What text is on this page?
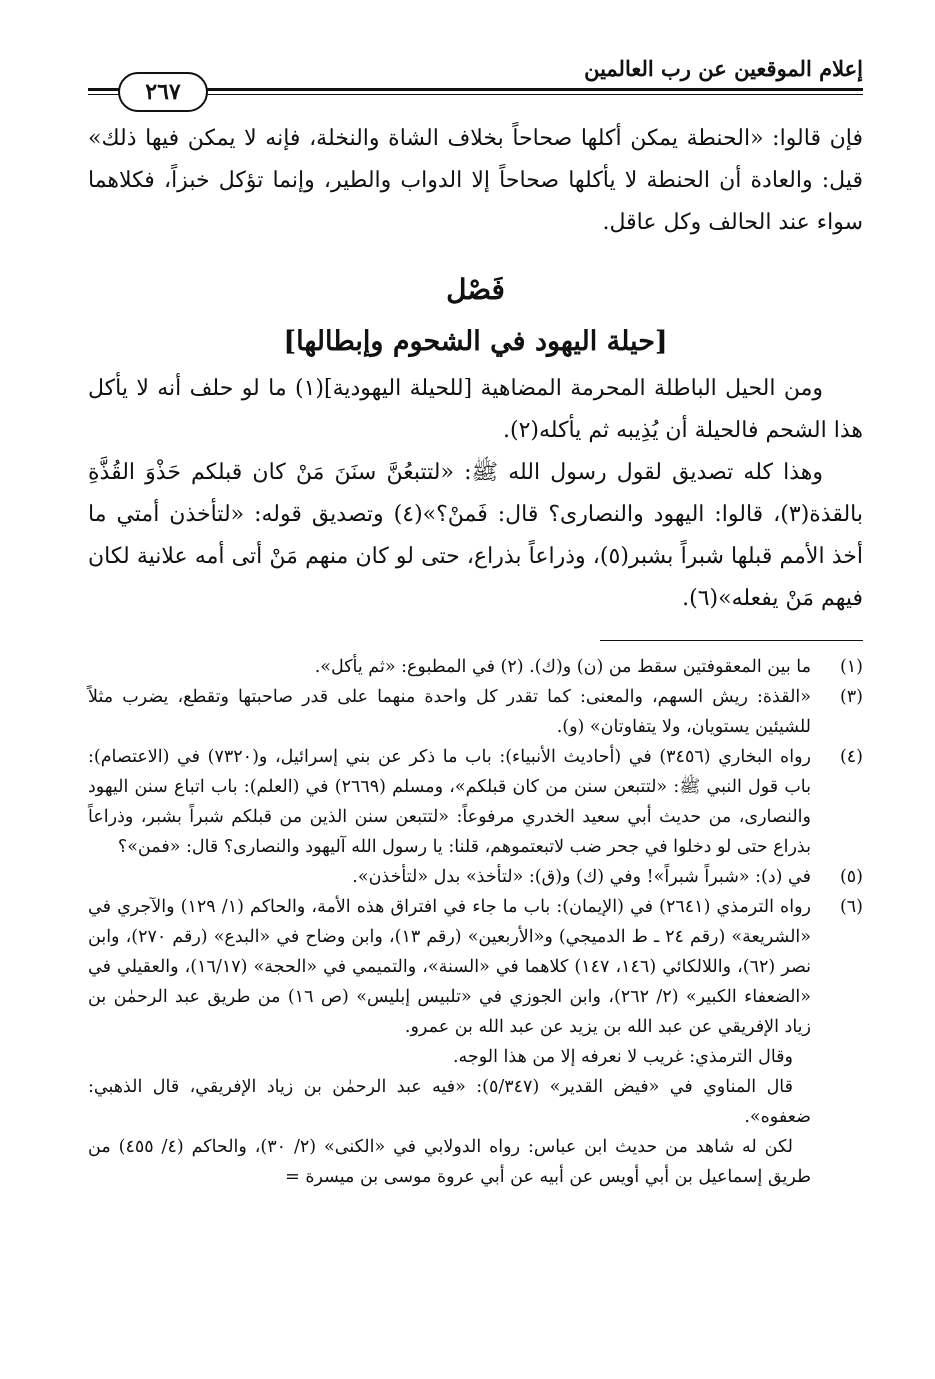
إعلام الموقعين عن رب العالمين
٢٦٧

فإن قالوا: «الحنطة يمكن أكلها صحاحاً بخلاف الشاة والنخلة، فإنه لا يمكن فيها ذلك» قيل: والعادة أن الحنطة لا يأكلها صحاحاً إلا الدواب والطير، وإنما تؤكل خبزاً، فكلاهما سواء عند الحالف وكل عاقل.

فَصْل
[حيلة اليهود في الشحوم وإبطالها]

ومن الحيل الباطلة المحرمة المضاهية [للحيلة اليهودية](١) ما لو حلف أنه لا يأكل هذا الشحم فالحيلة أن يُذِيبه ثم يأكله(٢).

وهذا كله تصديق لقول رسول الله ﷺ: «لتتبعُنَّ سنَنَ مَنْ كان قبلكم حَذْوَ القُذَّةِ بالقذة(٣)، قالوا: اليهود والنصارى؟ قال: فَمنْ؟»(٤) وتصديق قوله: «لتأخذن أمتي ما أخذ الأمم قبلها شبراً بشبر(٥)، وذراعاً بذراع، حتى لو كان منهم مَنْ أتى أمه علانية لكان فيهم مَنْ يفعله»(٦).

(١)
ما بين المعقوفتين سقط من (ن) و(ك). (٢) في المطبوع: «ثم يأكل».
(٣)
«القذة: ريش السهم، والمعنى: كما تقدر كل واحدة منهما على قدر صاحبتها وتقطع، يضرب مثلاً للشيئين يستويان، ولا يتفاوتان» (و).
(٤)
رواه البخاري (٣٤٥٦) في (أحاديث الأنبياء): باب ما ذكر عن بني إسرائيل، و(٧٣٢٠) في (الاعتصام): باب قول النبي ﷺ: «لتتبعن سنن من كان قبلكم»، ومسلم (٢٦٦٩) في (العلم): باب اتباع سنن اليهود والنصارى، من حديث أبي سعيد الخدري مرفوعاً: «لتتبعن سنن الذين من قبلكم شبراً بشبر، وذراعاً بذراع حتى لو دخلوا في جحر ضب لاتبعتموهم، قلنا: يا رسول الله آليهود والنصارى؟ قال: «فمن»؟
(٥)
في (د): «شبراً شبراً»! وفي (ك) و(ق): «لتأخذ» بدل «لتأخذن».
(٦)
رواه الترمذي (٢٦٤١) في (الإيمان): باب ما جاء في افتراق هذه الأمة، والحاكم (١/ ١٢٩) والآجري في «الشريعة» (رقم ٢٤ ـ ط الدميجي) و«الأربعين» (رقم ١٣)، وابن وضاح في «البدع» (رقم ٢٧٠)، وابن نصر (٦٢)، واللالكائي (١٤٦، ١٤٧) كلاهما في «السنة»، والتميمي في «الحجة» (١٦/١٧)، والعقيلي في «الضعفاء الكبير» (٢/ ٢٦٢)، وابن الجوزي في «تلبيس إبليس» (ص ١٦) من طريق عبد الرحمٰن بن زياد الإفريقي عن عبد الله بن يزيد عن عبد الله بن عمرو.
وقال الترمذي: غريب لا نعرفه إلا من هذا الوجه.
قال المناوي في «فيض القدير» (٥/٣٤٧): «فيه عبد الرحمٰن بن زياد الإفريقي، قال الذهبي: ضعفوه».
لكن له شاهد من حديث ابن عباس: رواه الدولابي في «الكنى» (٢/ ٣٠)، والحاكم (٤/ ٤٥٥) من طريق إسماعيل بن أبي أويس عن أبيه عن أبي عروة موسى بن ميسرة =
